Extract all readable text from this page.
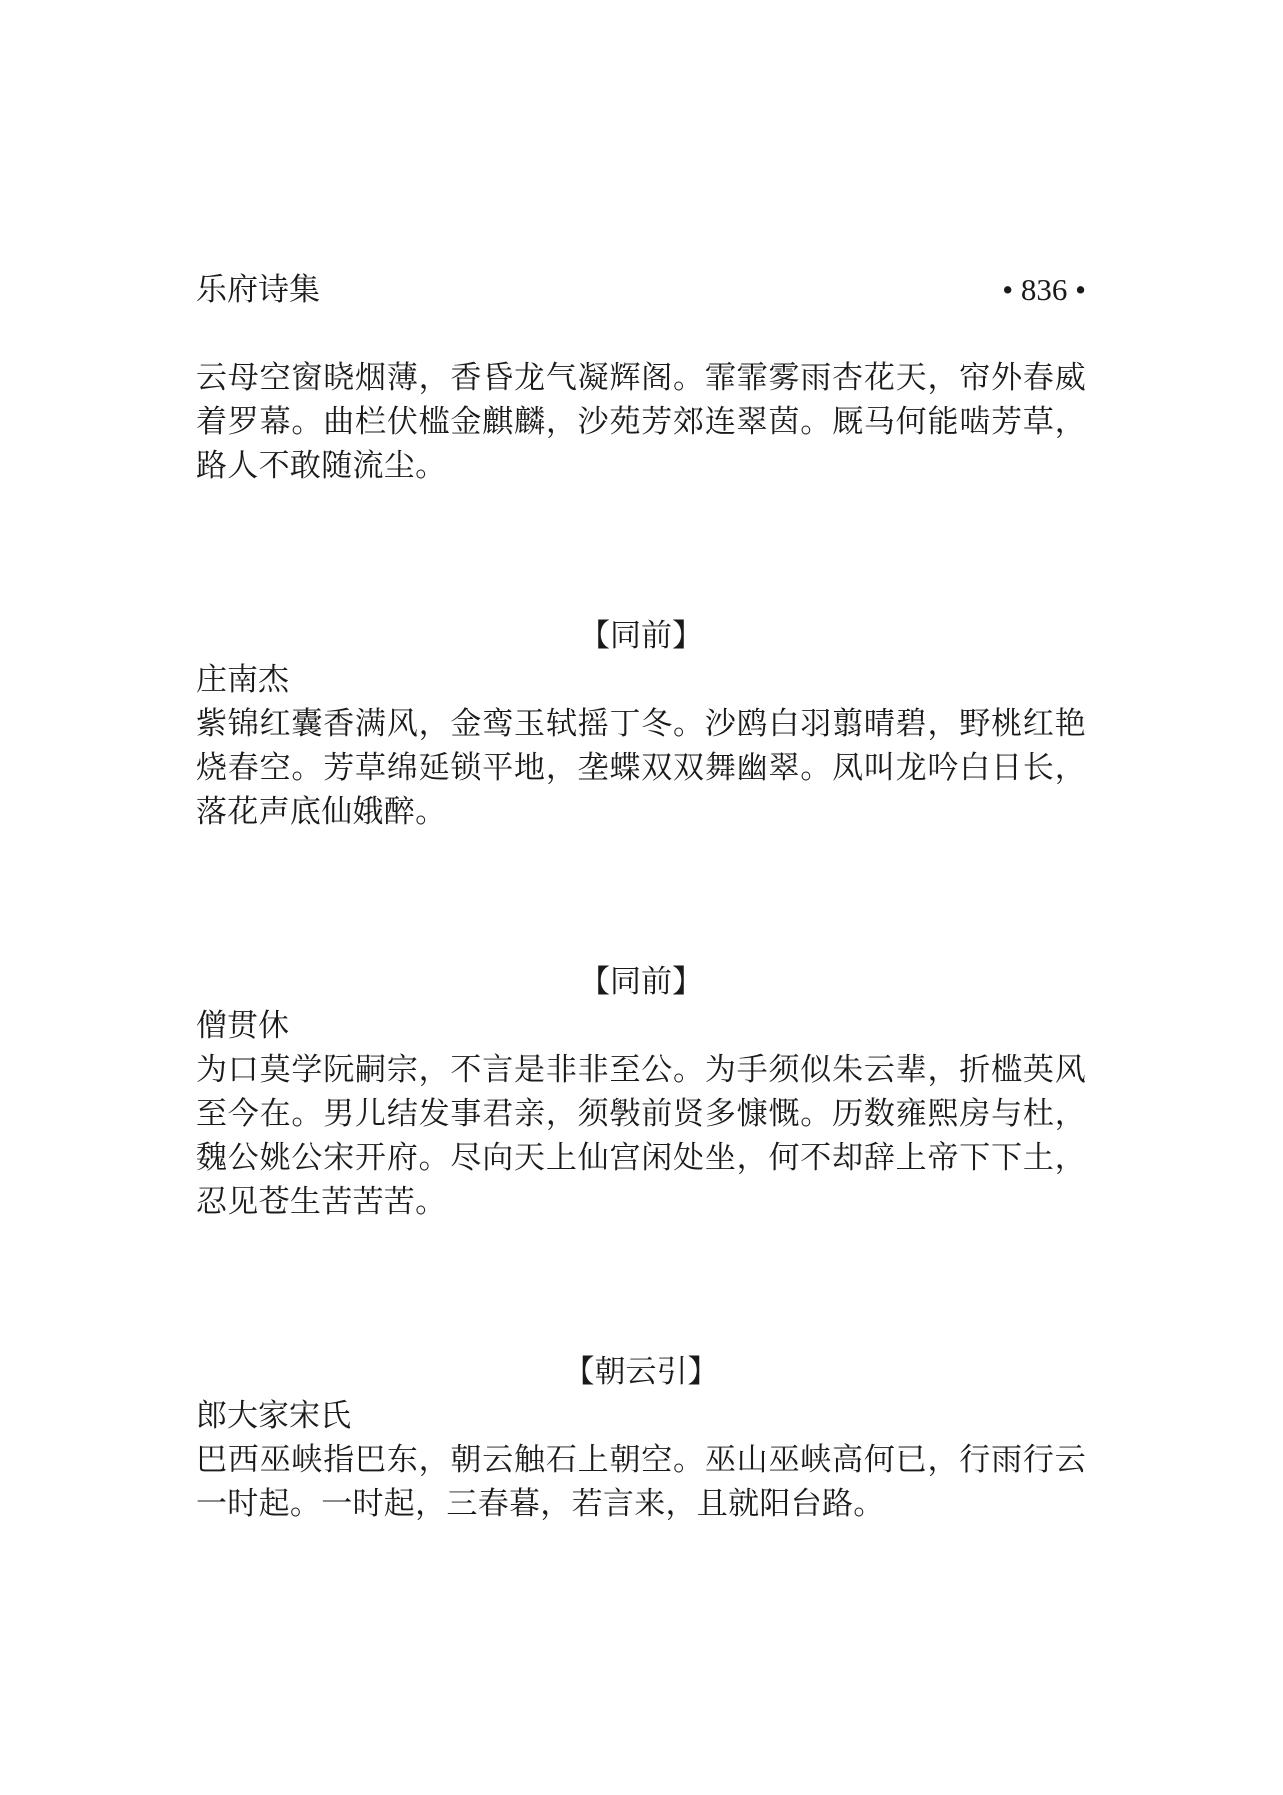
乐府诗集	• 836 •

云母空窗晓烟薄，香昏龙气凝辉阁。霏霏雾雨杏花天，帘外春威着罗幕。曲栏伏槛金麒麟，沙苑芳郊连翠茵。厩马何能啮芳草，路人不敢随流尘。

【同前】
庄南杰

紫锦红囊香满风，金鸾玉轼摇丁冬。沙鸥白羽翦晴碧，野桃红艳烧春空。芳草绵延锁平地，垄蝶双双舞幽翠。凤叫龙吟白日长，落花声底仙娥醉。

【同前】
僧贯休

为口莫学阮嗣宗，不言是非非至公。为手须似朱云辈，折槛英风至今在。男儿结发事君亲，须斅前贤多慷慨。历数雍熙房与杜，魏公姚公宋开府。尽向天上仙宫闲处坐，何不却辞上帝下下土，忍见苍生苦苦苦。

【朝云引】
郎大家宋氏

巴西巫峡指巴东，朝云触石上朝空。巫山巫峡高何已，行雨行云一时起。一时起，三春暮，若言来，且就阳台路。
